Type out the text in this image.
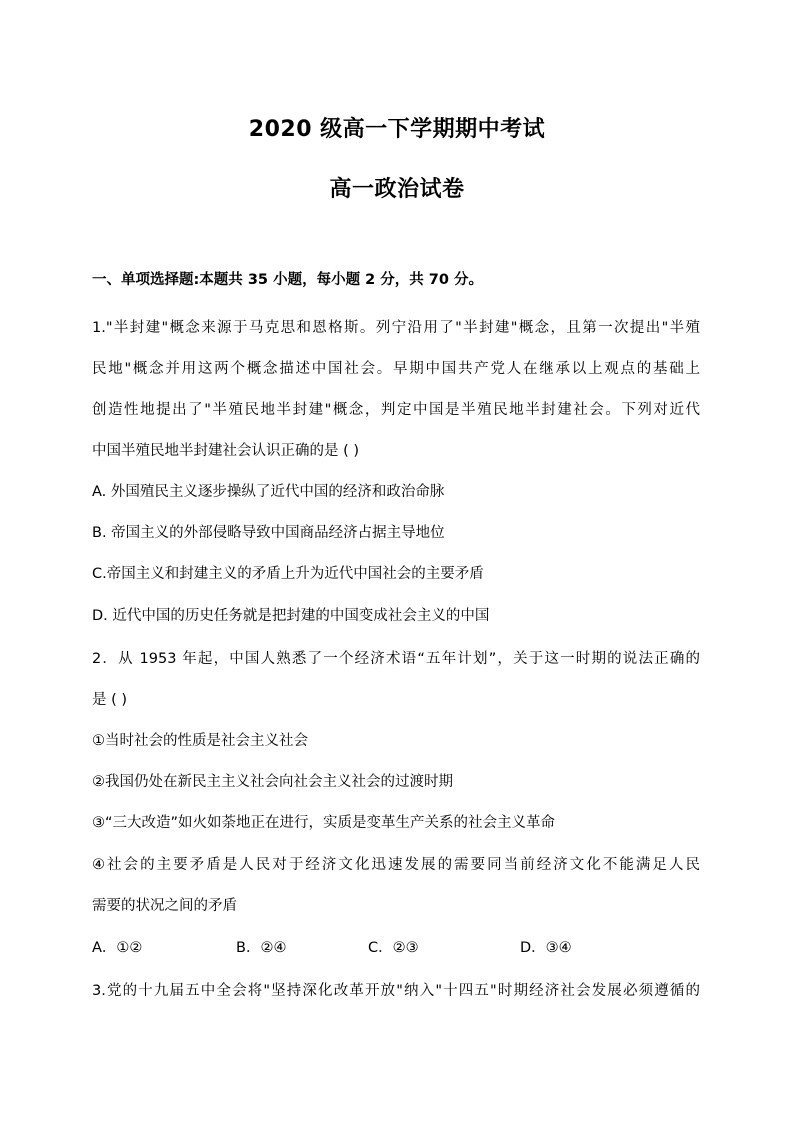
2020 级高一下学期期中考试
高一政治试卷
一、单项选择题:本题共 35 小题，每小题 2 分，共 70 分。
1."半封建"概念来源于马克思和恩格斯。列宁沿用了"半封建"概念，且第一次提出"半殖
民地"概念并用这两个概念描述中国社会。早期中国共产党人在继承以上观点的基础上
创造性地提出了"半殖民地半封建"概念，判定中国是半殖民地半封建社会。下列对近代
中国半殖民地半封建社会认识正确的是 ( )
A. 外国殖民主义逐步操纵了近代中国的经济和政治命脉
B. 帝国主义的外部侵略导致中国商品经济占据主导地位
C.帝国主义和封建主义的矛盾上升为近代中国社会的主要矛盾
D. 近代中国的历史任务就是把封建的中国变成社会主义的中国
2．从 1953 年起，中国人熟悉了一个经济术语“五年计划”，关于这一时期的说法正确的
是 ( )
①当时社会的性质是社会主义社会
②我国仍处在新民主主义社会向社会主义社会的过渡时期
③“三大改造”如火如荼地正在进行，实质是变革生产关系的社会主义革命
④社会的主要矛盾是人民对于经济文化迅速发展的需要同当前经济文化不能满足人民
需要的状况之间的矛盾
A．①②	B．②④	C．②③	D．③④
3.党的十九届五中全会将"坚持深化改革开放"纳入"十四五"时期经济社会发展必须遵循的
